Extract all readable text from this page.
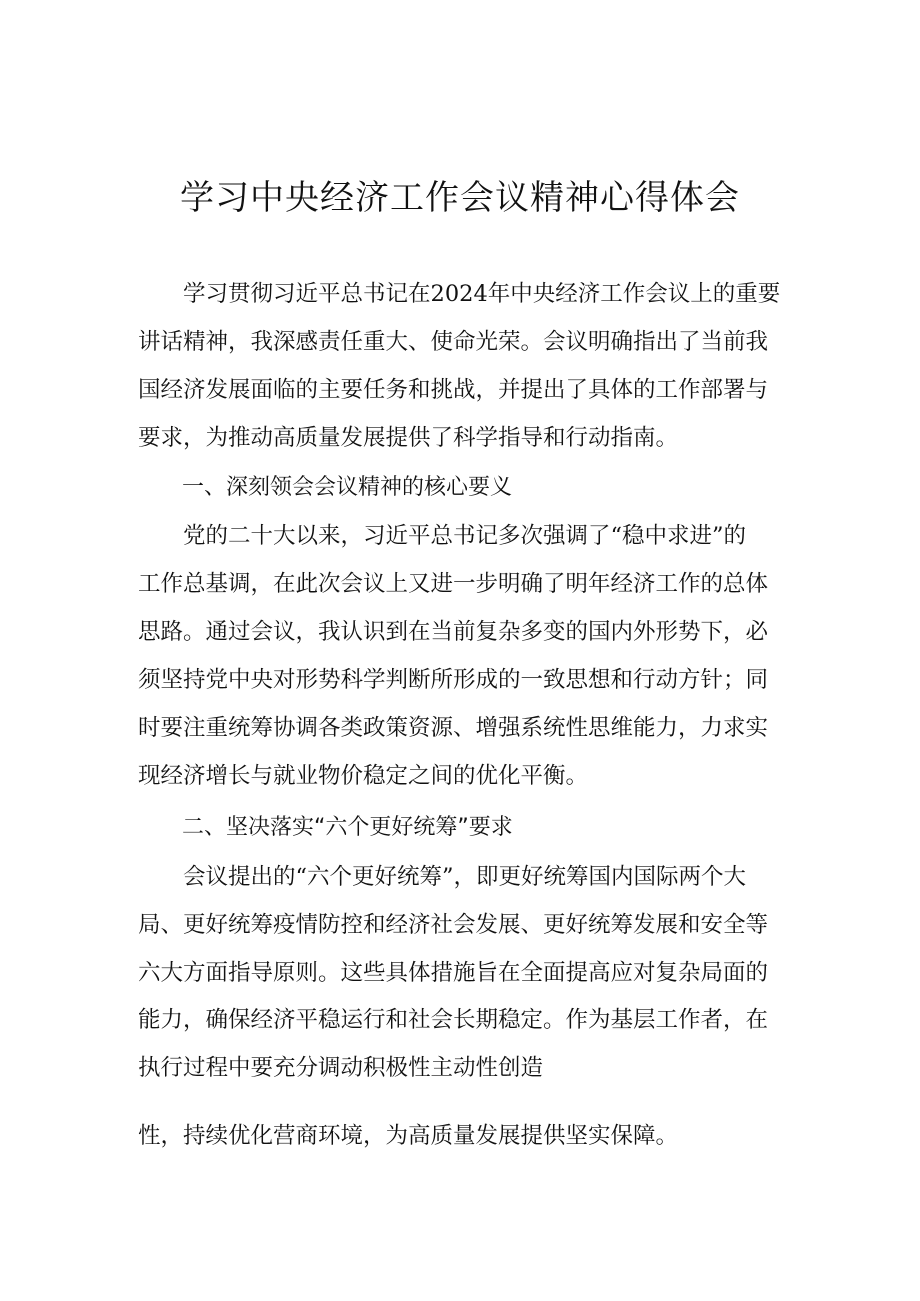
学习中央经济工作会议精神心得体会
学习贯彻习近平总书记在2024年中央经济工作会议上的重要
讲话精神，我深感责任重大、使命光荣。会议明确指出了当前我
国经济发展面临的主要任务和挑战，并提出了具体的工作部署与
要求，为推动高质量发展提供了科学指导和行动指南。
一、深刻领会会议精神的核心要义
党的二十大以来，习近平总书记多次强调了“稳中求进”的
工作总基调，在此次会议上又进一步明确了明年经济工作的总体
思路。通过会议，我认识到在当前复杂多变的国内外形势下，必
须坚持党中央对形势科学判断所形成的一致思想和行动方针；同
时要注重统筹协调各类政策资源、增强系统性思维能力，力求实
现经济增长与就业物价稳定之间的优化平衡。
二、坚决落实“六个更好统筹”要求
会议提出的“六个更好统筹”，即更好统筹国内国际两个大
局、更好统筹疫情防控和经济社会发展、更好统筹发展和安全等
六大方面指导原则。这些具体措施旨在全面提高应对复杂局面的
能力，确保经济平稳运行和社会长期稳定。作为基层工作者，在
执行过程中要充分调动积极性主动性创造
性，持续优化营商环境，为高质量发展提供坚实保障。
